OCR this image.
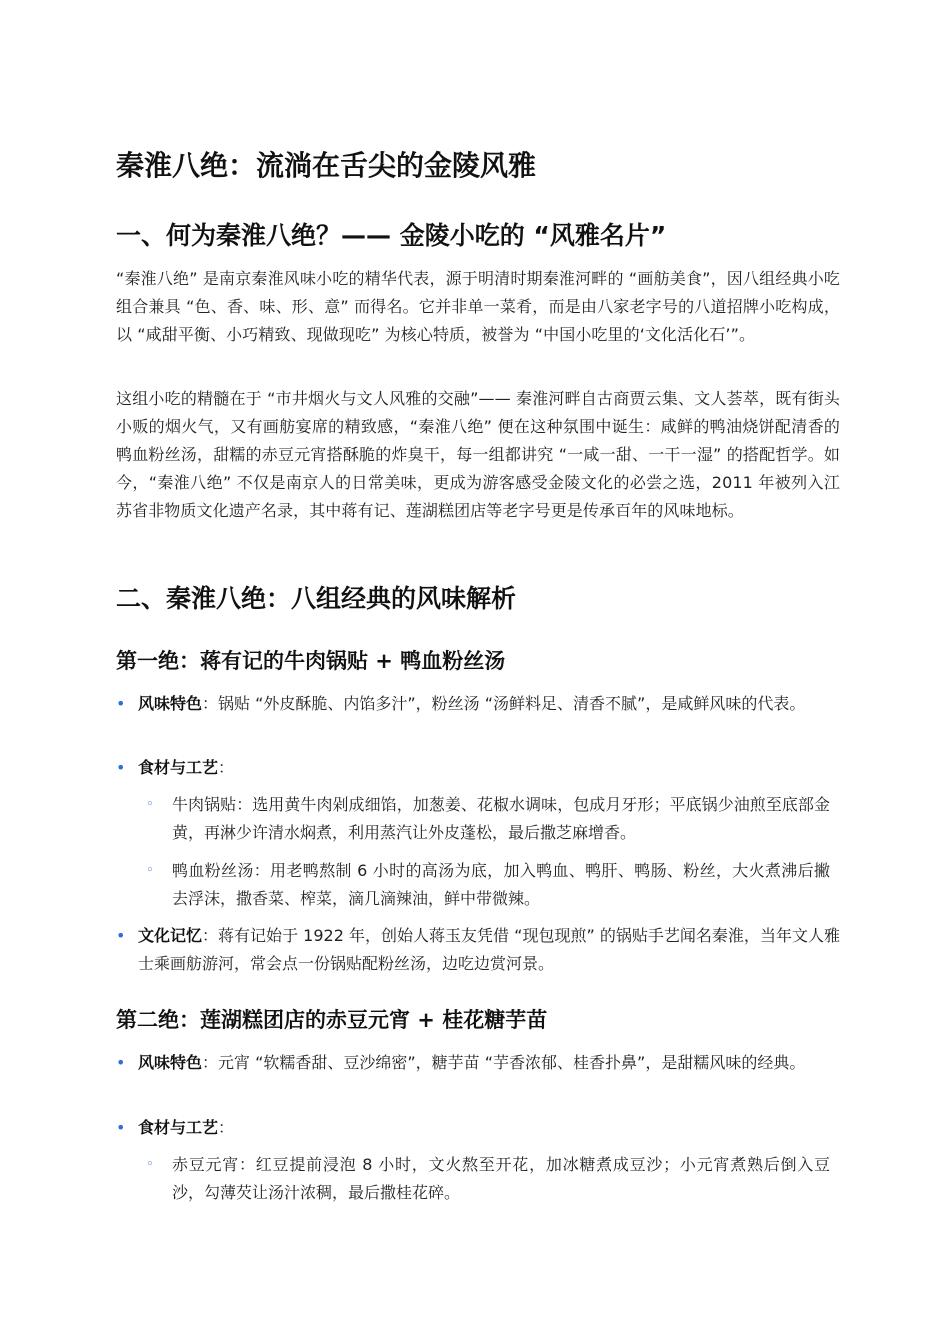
秦淮八绝：流淌在舌尖的金陵风雅
一、何为秦淮八绝？—— 金陵小吃的 “风雅名片”

“秦淮八绝” 是南京秦淮风味小吃的精华代表，源于明清时期秦淮河畔的 “画舫美食”，因八组经典小吃组合兼具 “色、香、味、形、意” 而得名。它并非单一菜肴，而是由八家老字号的八道招牌小吃构成，以 “咸甜平衡、小巧精致、现做现吃” 为核心特质，被誉为 “中国小吃里的‘文化活化石’”。

这组小吃的精髓在于 “市井烟火与文人风雅的交融”—— 秦淮河畔自古商贾云集、文人荟萃，既有街头小贩的烟火气，又有画舫宴席的精致感，“秦淮八绝” 便在这种氛围中诞生：咸鲜的鸭油烧饼配清香的鸭血粉丝汤，甜糯的赤豆元宵搭酥脆的炸臭干，每一组都讲究 “一咸一甜、一干一湿” 的搭配哲学。如今，“秦淮八绝” 不仅是南京人的日常美味，更成为游客感受金陵文化的必尝之选，2011 年被列入江苏省非物质文化遗产名录，其中蒋有记、莲湖糕团店等老字号更是传承百年的风味地标。

二、秦淮八绝：八组经典的风味解析
第一绝：蒋有记的牛肉锅贴 + 鸭血粉丝汤
• 风味特色：锅贴 “外皮酥脆、内馅多汁”，粉丝汤 “汤鲜料足、清香不腻”，是咸鲜风味的代表。
• 食材与工艺：
◦	牛肉锅贴：选用黄牛肉剁成细馅，加葱姜、花椒水调味，包成月牙形；平底锅少油煎至底部金黄，再淋少许清水焖煮，利用蒸汽让外皮蓬松，最后撒芝麻增香。
◦	鸭血粉丝汤：用老鸭熬制 6 小时的高汤为底，加入鸭血、鸭肝、鸭肠、粉丝，大火煮沸后撇去浮沫，撒香菜、榨菜，滴几滴辣油，鲜中带微辣。
• 文化记忆：蒋有记始于 1922 年，创始人蒋玉友凭借 “现包现煎” 的锅贴手艺闻名秦淮，当年文人雅士乘画舫游河，常会点一份锅贴配粉丝汤，边吃边赏河景。
第二绝：莲湖糕团店的赤豆元宵 + 桂花糖芋苗
• 风味特色：元宵 “软糯香甜、豆沙绵密”，糖芋苗 “芋香浓郁、桂香扑鼻”，是甜糯风味的经典。
• 食材与工艺：
◦	赤豆元宵：红豆提前浸泡 8 小时，文火熬至开花，加冰糖煮成豆沙；小元宵煮熟后倒入豆沙，勾薄芡让汤汁浓稠，最后撒桂花碎。
